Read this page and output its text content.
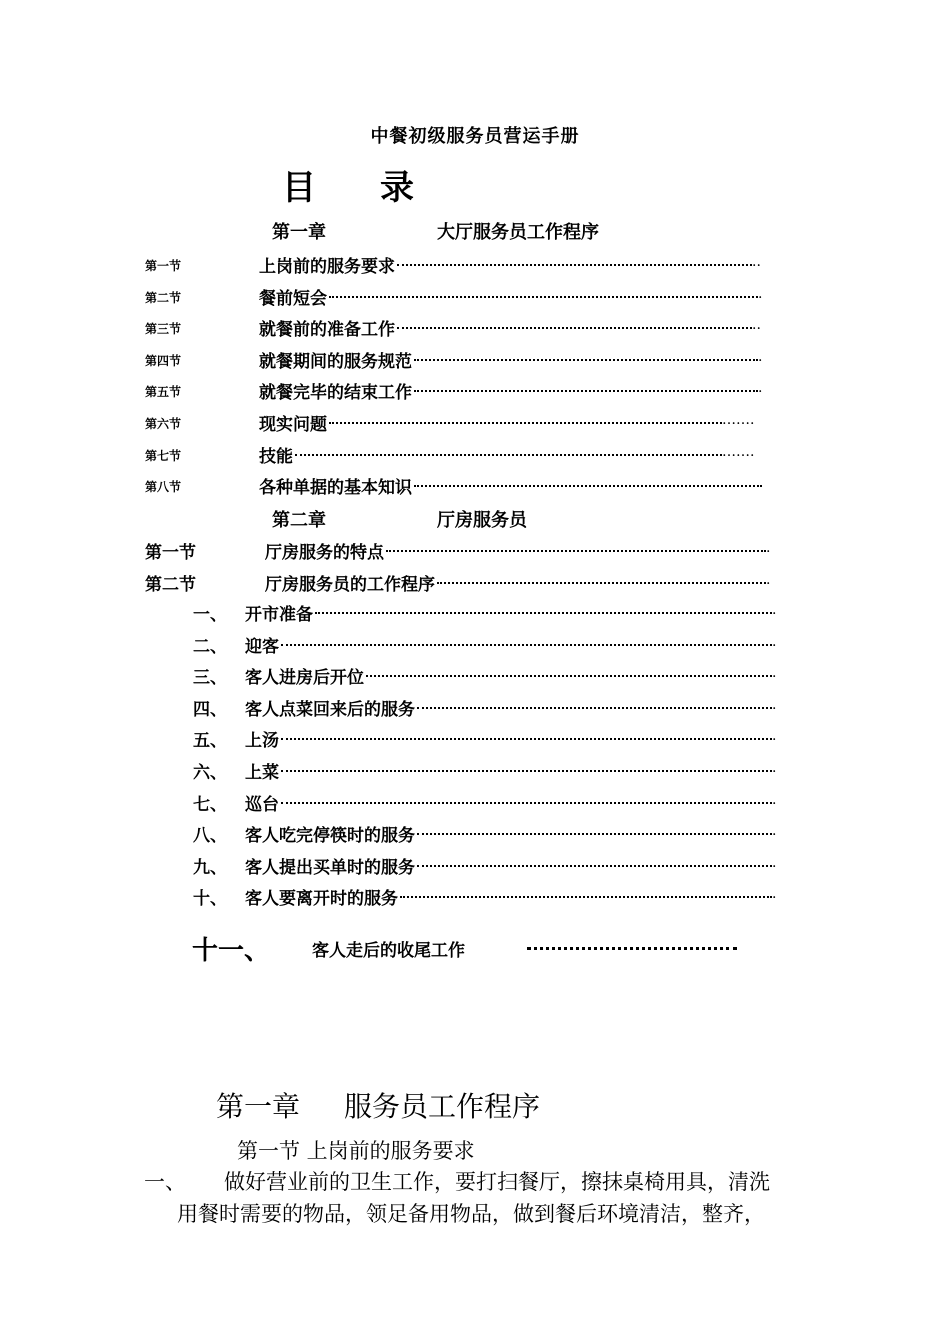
中餐初级服务员营运手册
目 录
第一章	大厅服务员工作程序
第一节	上岗前的服务要求	..
第二节	餐前短会	.
第三节	就餐前的准备工作	..
第四节	就餐期间的服务规范	.
第五节	就餐完毕的结束工作	.
第六节	现实问题	…….
第七节	技能	…….
第八节	各种单据的基本知识
第二章	厅房服务员
第一节	厅房服务的特点	.
第二节	厅房服务员的工作程序	.
一、 开市准备	.
二、 迎客	.
三、 客人进房后开位	.
四、 客人点菜回来后的服务	.
五、 上汤	.
六、 上菜	.
七、 巡台	.
八、 客人吃完停筷时的服务	.
九、 客人提出买单时的服务	.
十、 客人要离开时的服务	.
十一、 客人走后的收尾工作
第一章 服务员工作程序
第一节 上岗前的服务要求
一、 做好营业前的卫生工作，要打扫餐厅，擦抹桌椅用具，清洗
用餐时需要的物品，领足备用物品，做到餐后环境清洁，整齐，
